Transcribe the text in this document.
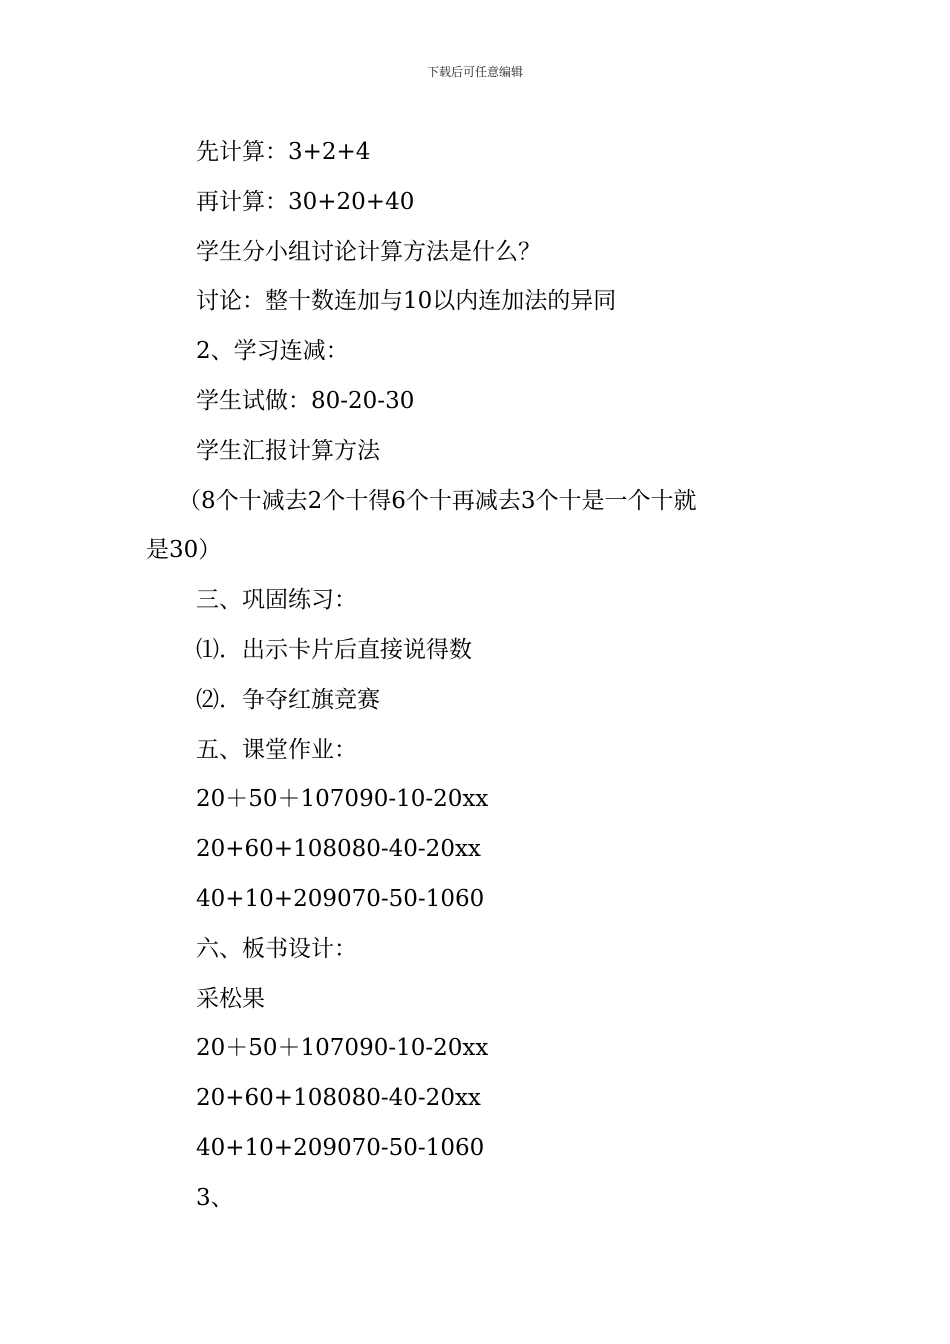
下载后可任意编辑
先计算：3+2+4
再计算：30+20+40
学生分小组讨论计算方法是什么？
讨论：整十数连加与10以内连加法的异同
2、学习连减：
学生试做：80-20-30
学生汇报计算方法
（8个十减去2个十得6个十再减去3个十是一个十就
是30）
三、巩固练习：
⑴．出示卡片后直接说得数
⑵．争夺红旗竞赛
五、课堂作业：
20＋50＋107090-10-20xx
20+60+108080-40-20xx
40+10+209070-50-1060
六、板书设计：
采松果
20＋50＋107090-10-20xx
20+60+108080-40-20xx
40+10+209070-50-1060
3、
